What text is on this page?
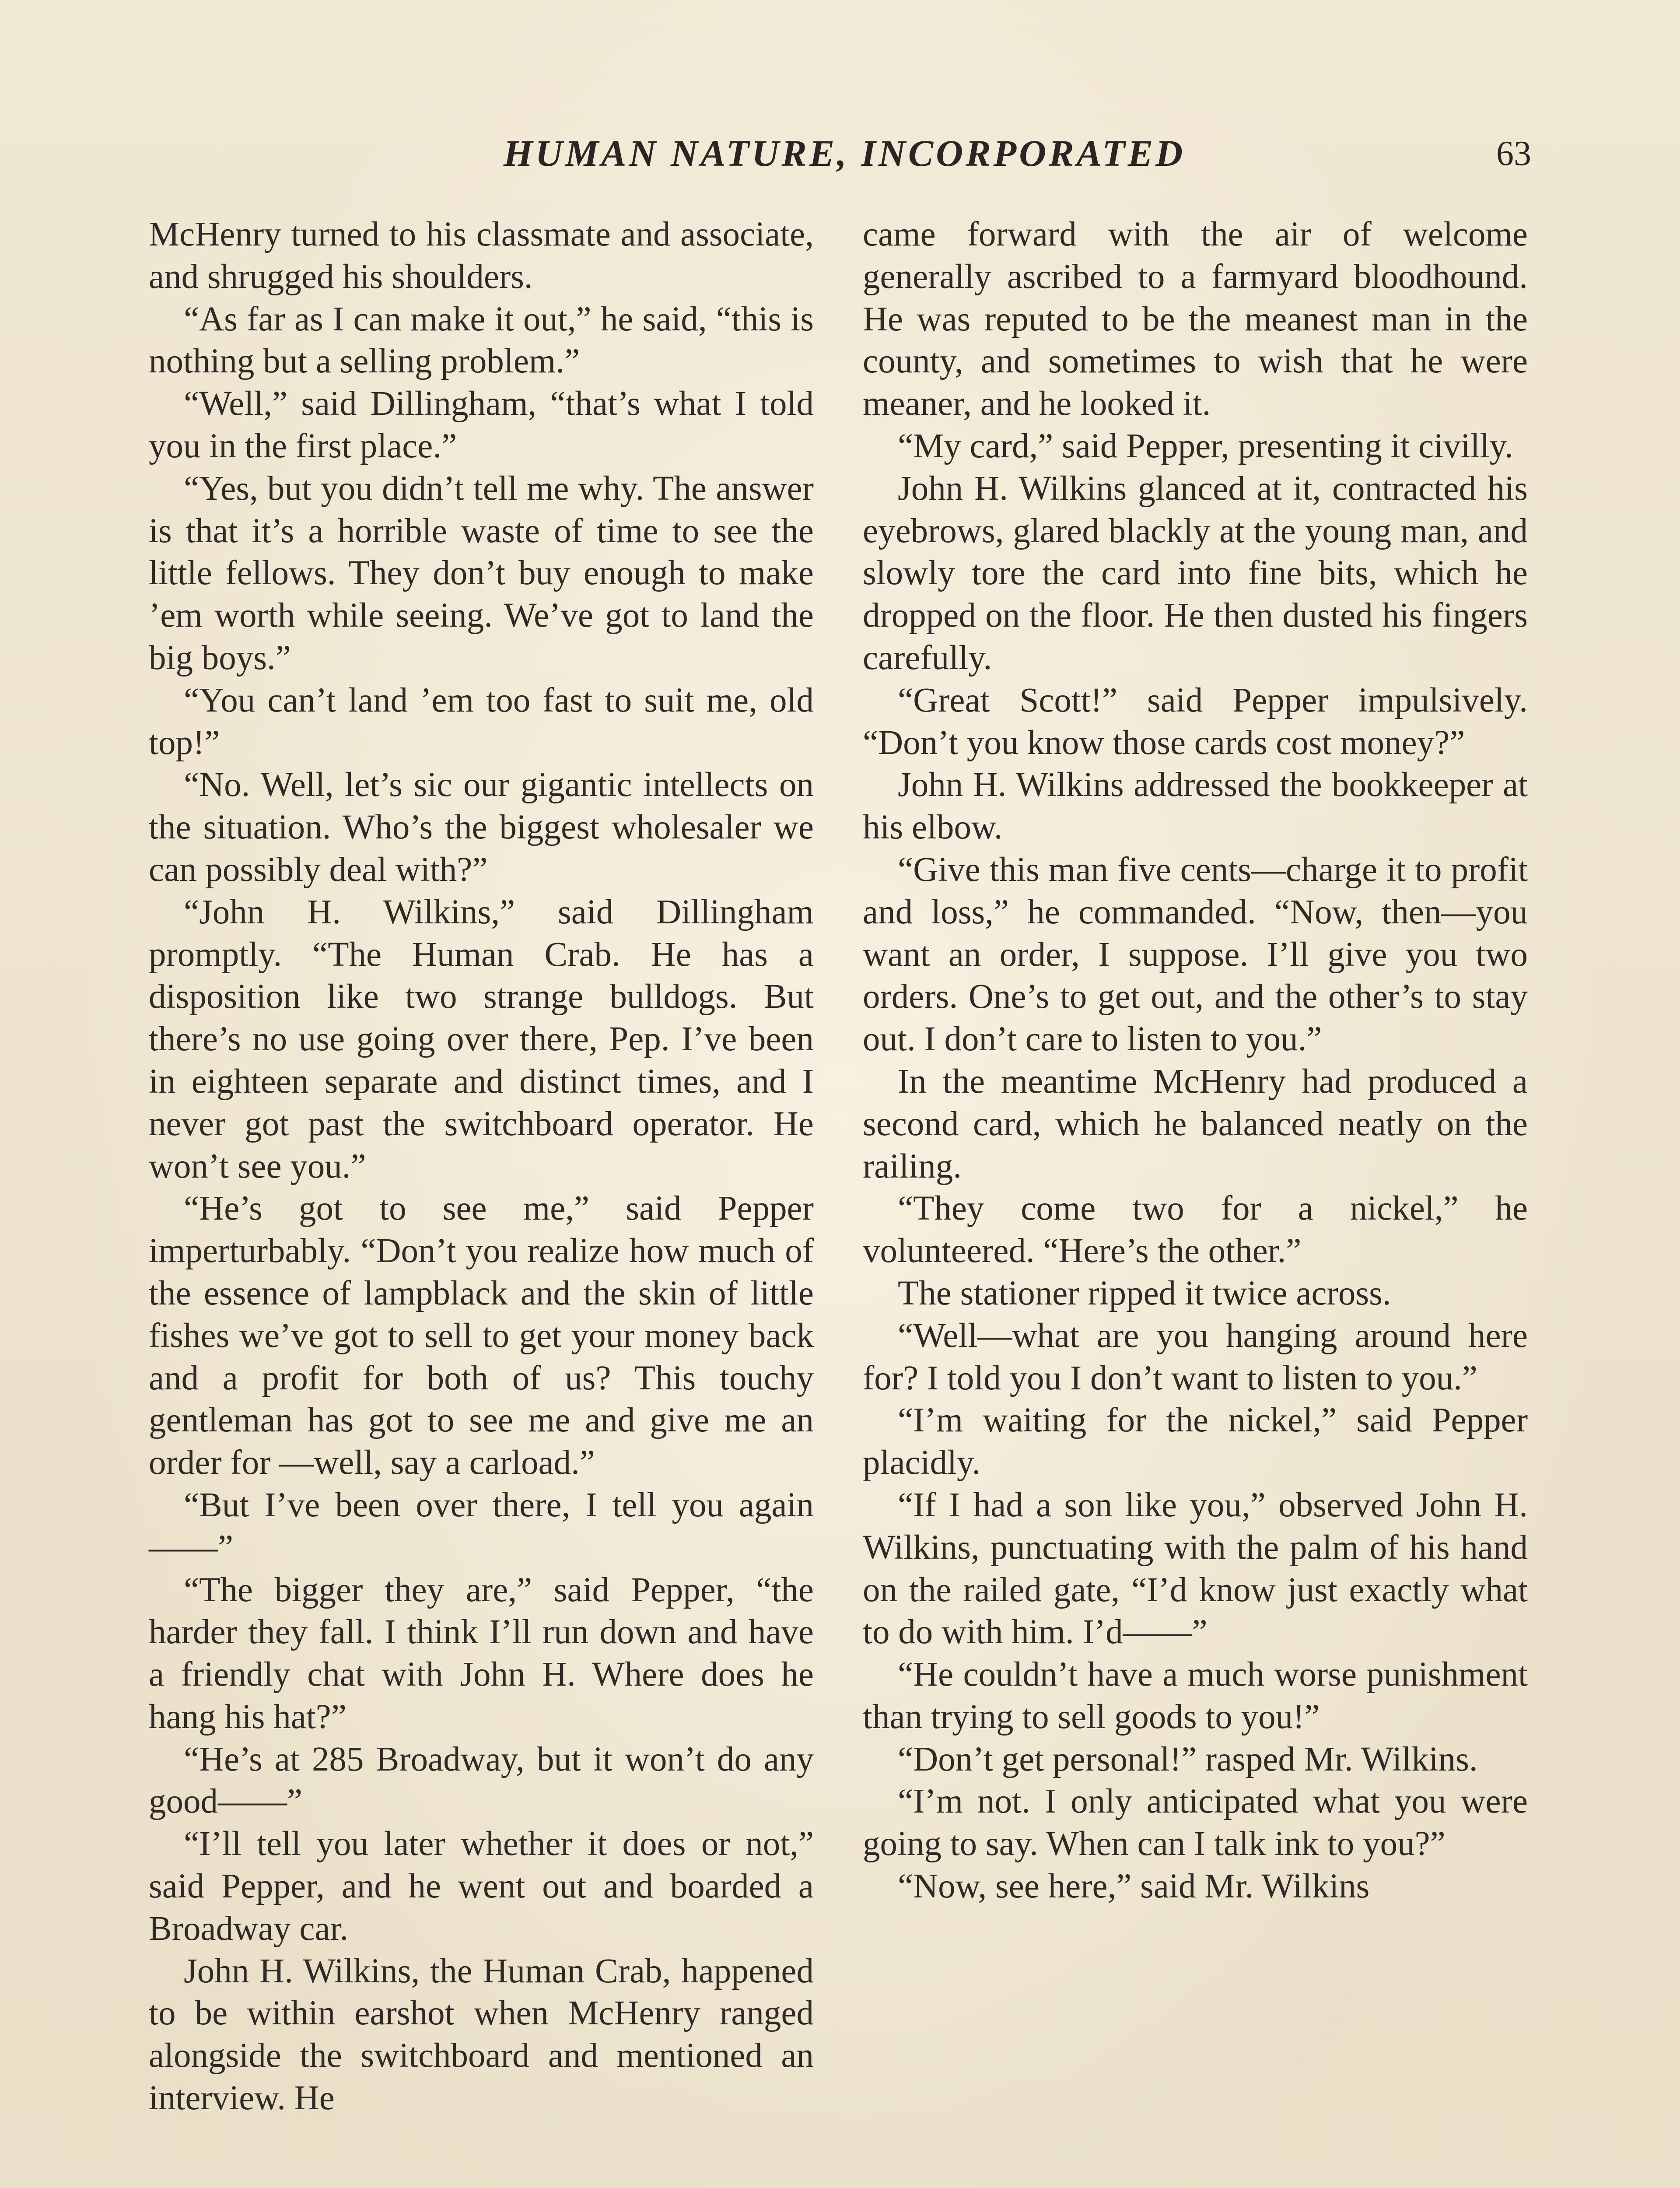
HUMAN NATURE, INCORPORATED	63

McHenry turned to his classmate and associate, and shrugged his shoulders.

“As far as I can make it out,” he said, “this is nothing but a selling problem.”

“Well,” said Dillingham, “that’s what I told you in the first place.”

“Yes, but you didn’t tell me why. The answer is that it’s a horrible waste of time to see the little fellows. They don’t buy enough to make ’em worth while seeing. We’ve got to land the big boys.”

“You can’t land ’em too fast to suit me, old top!”

“No. Well, let’s sic our gigantic intellects on the situation. Who’s the biggest wholesaler we can possibly deal with?”

“John H. Wilkins,” said Dillingham promptly. “The Human Crab. He has a disposition like two strange bulldogs. But there’s no use going over there, Pep. I’ve been in eighteen separate and distinct times, and I never got past the switchboard operator. He won’t see you.”

“He’s got to see me,” said Pepper imperturbably. “Don’t you realize how much of the essence of lampblack and the skin of little fishes we’ve got to sell to get your money back and a profit for both of us? This touchy gentleman has got to see me and give me an order for —well, say a carload.”

“But I’ve been over there, I tell you again——”

“The bigger they are,” said Pepper, “the harder they fall. I think I’ll run down and have a friendly chat with John H. Where does he hang his hat?”

“He’s at 285 Broadway, but it won’t do any good——”

“I’ll tell you later whether it does or not,” said Pepper, and he went out and boarded a Broadway car.

John H. Wilkins, the Human Crab, happened to be within earshot when McHenry ranged alongside the switchboard and mentioned an interview. He

came forward with the air of welcome generally ascribed to a farmyard bloodhound. He was reputed to be the meanest man in the county, and sometimes to wish that he were meaner, and he looked it.

“My card,” said Pepper, presenting it civilly.

John H. Wilkins glanced at it, contracted his eyebrows, glared blackly at the young man, and slowly tore the card into fine bits, which he dropped on the floor. He then dusted his fingers carefully.

“Great Scott!” said Pepper impulsively. “Don’t you know those cards cost money?”

John H. Wilkins addressed the bookkeeper at his elbow.

“Give this man five cents—charge it to profit and loss,” he commanded. “Now, then—you want an order, I suppose. I’ll give you two orders. One’s to get out, and the other’s to stay out. I don’t care to listen to you.”

In the meantime McHenry had produced a second card, which he balanced neatly on the railing.

“They come two for a nickel,” he volunteered. “Here’s the other.”

The stationer ripped it twice across.

“Well—what are you hanging around here for? I told you I don’t want to listen to you.”

“I’m waiting for the nickel,” said Pepper placidly.

“If I had a son like you,” observed John H. Wilkins, punctuating with the palm of his hand on the railed gate, “I’d know just exactly what to do with him. I’d——”

“He couldn’t have a much worse punishment than trying to sell goods to you!”

“Don’t get personal!” rasped Mr. Wilkins.

“I’m not. I only anticipated what you were going to say. When can I talk ink to you?”

“Now, see here,” said Mr. Wilkins
